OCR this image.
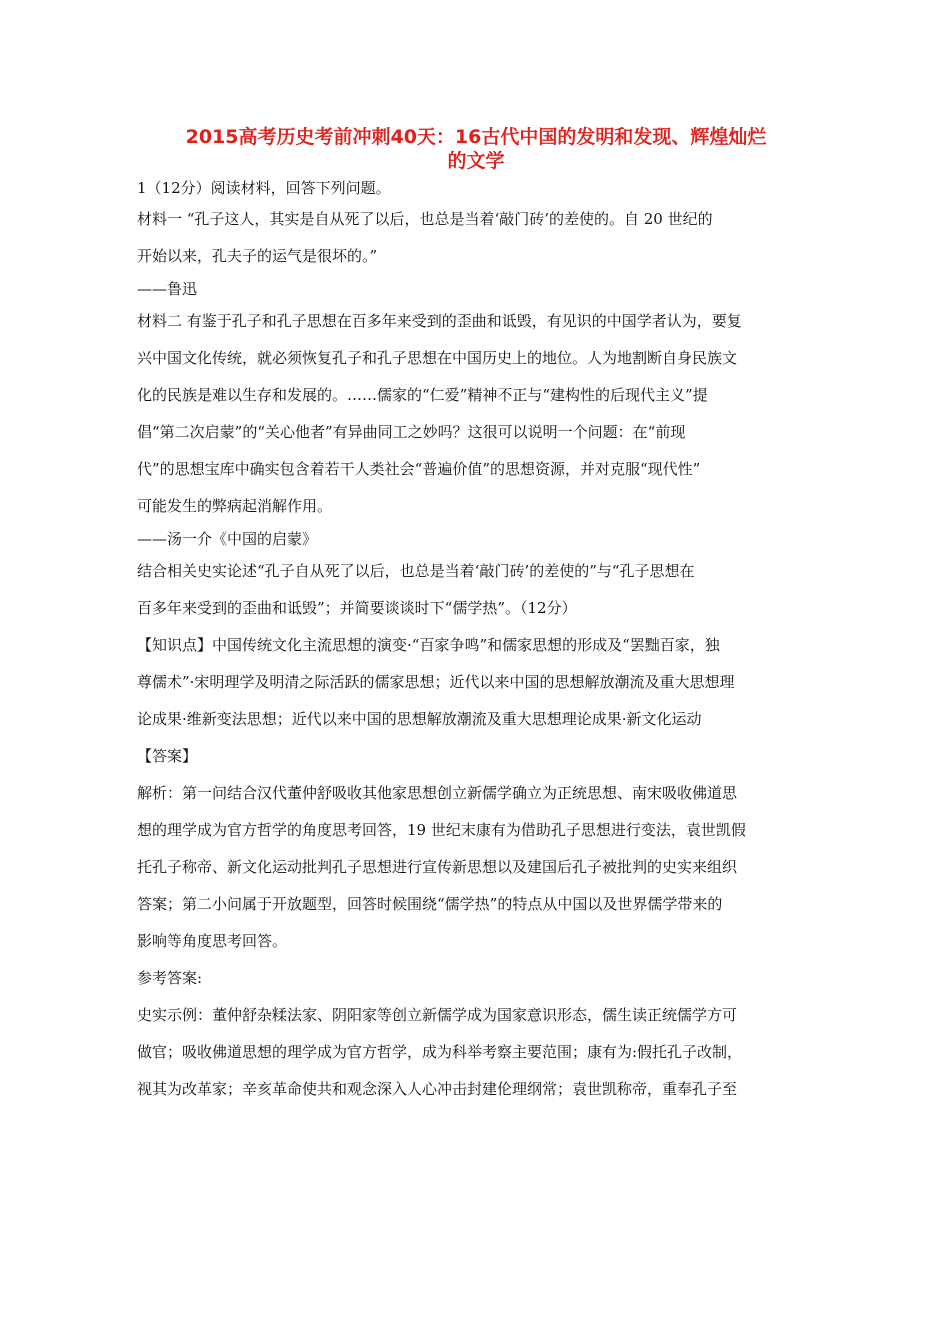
2015高考历史考前冲刺40天：16古代中国的发明和发现、辉煌灿烂
的文学
1（12分）阅读材料，回答下列问题。
材料一 “孔子这人，其实是自从死了以后，也总是当着‘敲门砖’的差使的。自 20 世纪的
开始以来，孔夫子的运气是很坏的。”
——鲁迅
材料二 有鉴于孔子和孔子思想在百多年来受到的歪曲和诋毁，有见识的中国学者认为，要复
兴中国文化传统，就必须恢复孔子和孔子思想在中国历史上的地位。人为地割断自身民族文
化的民族是难以生存和发展的。……儒家的“仁爱”精神不正与“建构性的后现代主义”提
倡“第二次启蒙”的“关心他者”有异曲同工之妙吗？这很可以说明一个问题：在“前现
代”的思想宝库中确实包含着若干人类社会“普遍价值”的思想资源，并对克服“现代性”
可能发生的弊病起消解作用。
——汤一介《中国的启蒙》
结合相关史实论述“孔子自从死了以后，也总是当着‘敲门砖’的差使的”与“孔子思想在
百多年来受到的歪曲和诋毁”；并简要谈谈时下“儒学热”。（12分）
【知识点】中国传统文化主流思想的演变·“百家争鸣”和儒家思想的形成及“罢黜百家，独
尊儒术”·宋明理学及明清之际活跃的儒家思想；近代以来中国的思想解放潮流及重大思想理
论成果·维新变法思想；近代以来中国的思想解放潮流及重大思想理论成果·新文化运动
【答案】
解析：第一问结合汉代董仲舒吸收其他家思想创立新儒学确立为正统思想、南宋吸收佛道思
想的理学成为官方哲学的角度思考回答，19 世纪末康有为借助孔子思想进行变法，袁世凯假
托孔子称帝、新文化运动批判孔子思想进行宣传新思想以及建国后孔子被批判的史实来组织
答案；第二小问属于开放题型，回答时候围绕“儒学热”的特点从中国以及世界儒学带来的
影响等角度思考回答。
参考答案:
史实示例：董仲舒杂糅法家、阴阳家等创立新儒学成为国家意识形态，儒生读正统儒学方可
做官；吸收佛道思想的理学成为官方哲学，成为科举考察主要范围；康有为:假托孔子改制，
视其为改革家；辛亥革命使共和观念深入人心冲击封建伦理纲常；袁世凯称帝，重奉孔子至
